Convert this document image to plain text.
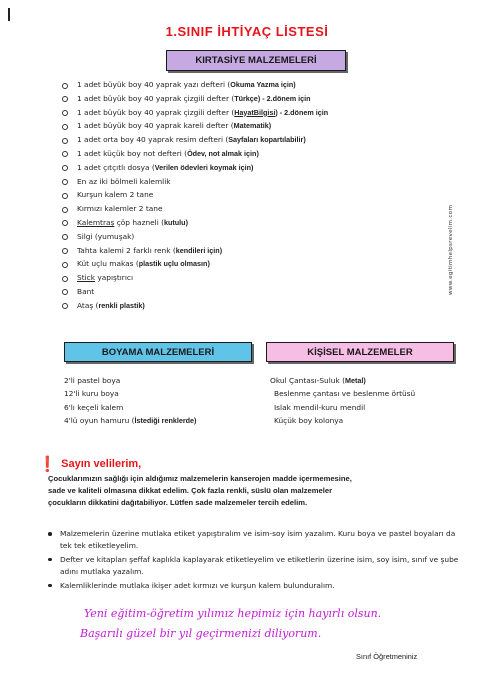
1.SINIF İHTİYAÇ LİSTESİ
KIRTASİYE MALZEMELERİ
1 adet büyük boy 40 yaprak yazı defteri (Okuma Yazma için)
1 adet büyük boy 40 yaprak çizgili defter (Türkçe) - 2.dönem için
1 adet büyük boy 40 yaprak çizgili defter (HayatBilgisi) - 2.dönem için
1 adet büyük boy 40 yaprak kareli defter (Matematik)
1 adet orta boy 40 yaprak resim defteri (Sayfaları kopartılabilir)
1 adet küçük boy not defteri (Ödev, not almak için)
1 adet çıtçıtlı dosya (Verilen ödevleri koymak için)
En az iki bölmeli kalemlik
Kurşun kalem 2 tane
Kırmızı kalemler 2 tane
Kalemtraş çöp hazneli (kutulu)
Silgi (yumuşak)
Tahta kalemi 2 farklı renk (kendileri için)
Küt uçlu makas (plastik uçlu olmasın)
Stick yapıştırıcı
Bant
Ataş (renkli plastik)
www.egitimhelpsrevelim.com
BOYAMA MALZEMELERİ	KİŞİSEL MALZEMELER
2'li pastel boya
12'li kuru boya
6'lı keçeli kalem
4'lü oyun hamuru (İstediği renklerde)
Okul Çantası-Suluk (Metal)
Beslenme çantası ve beslenme örtüsü
Islak mendil-kuru mendil
Küçük boy kolonya
❗ Sayın velilerim,
Çocuklarımızın sağlığı için aldığımız malzemelerin kanserojen madde içermemesine,
sade ve kaliteli olmasına dikkat edelim. Çok fazla renkli, süslü olan malzemeler
çocukların dikkatini dağıtabiliyor. Lütfen sade malzemeler tercih edelim.
Malzemelerin üzerine mutlaka etiket yapıştıralım ve isim-soy isim yazalım. Kuru boya ve pastel boyaları da tek tek etiketleyelim.
Defter ve kitapları şeffaf kaplıkla kaplayarak etiketleyelim ve etiketlerin üzerine isim, soy isim, sınıf ve şube adını mutlaka yazalım.
Kalemliklerinde mutlaka ikişer adet kırmızı ve kurşun kalem bulunduralım.
Yeni eğitim-öğretim yılımız hepimiz için hayırlı olsun.
Başarılı güzel bir yıl geçirmenizi diliyorum.
Sınıf Öğretmeniniz
